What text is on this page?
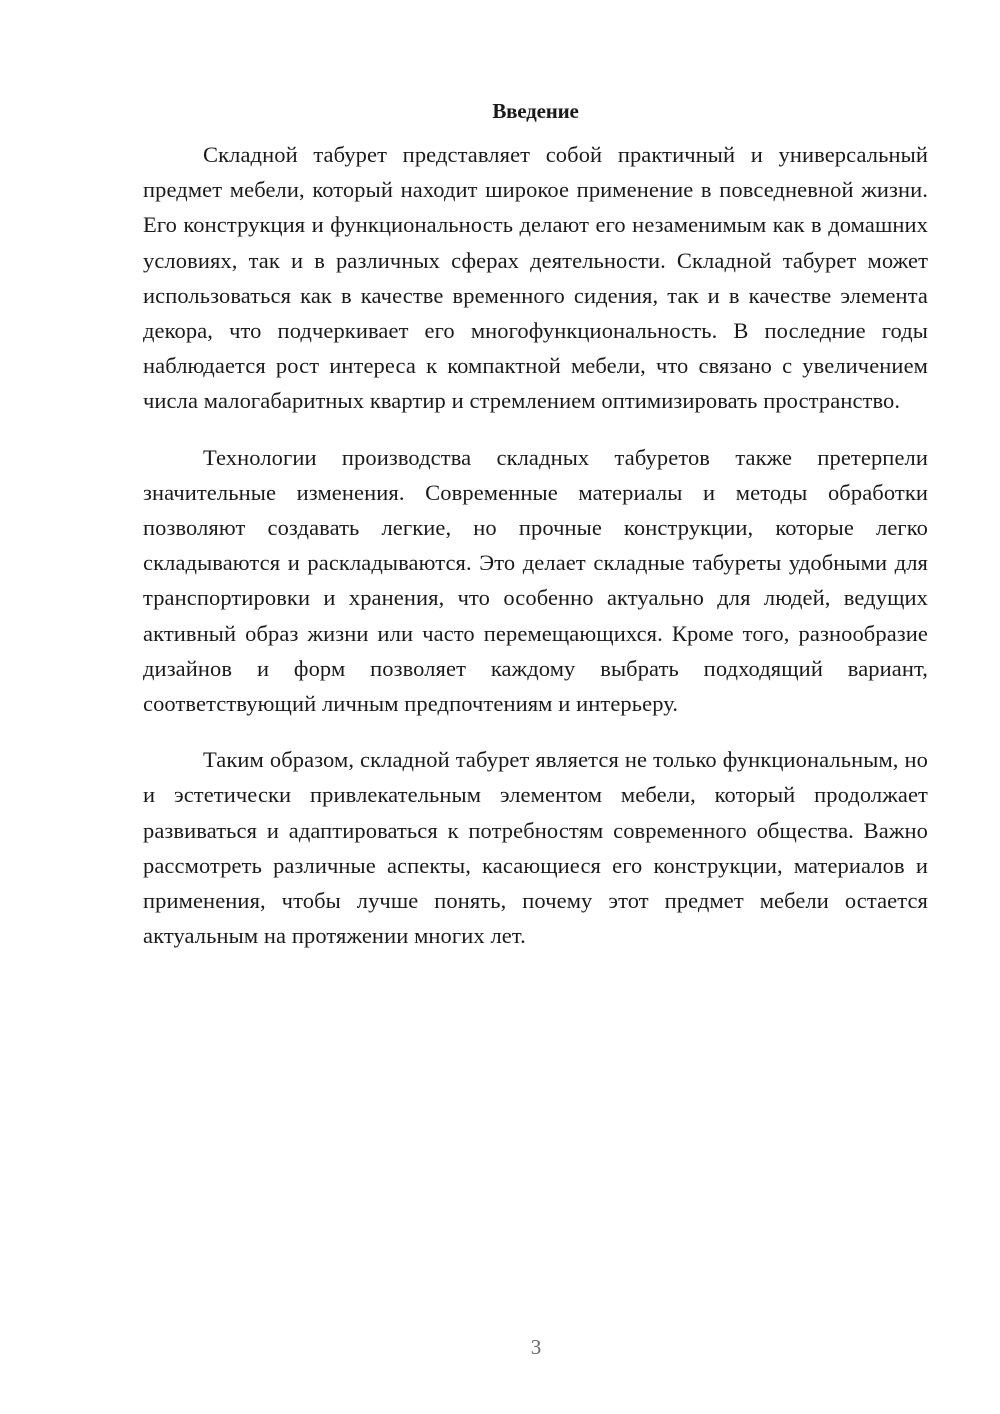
Введение

Складной табурет представляет собой практичный и универсальный предмет мебели, который находит широкое применение в повседневной жизни. Его конструкция и функциональность делают его незаменимым как в домашних условиях, так и в различных сферах деятельности. Складной табурет может использоваться как в качестве временного сидения, так и в качестве элемента декора, что подчеркивает его многофункциональность. В последние годы наблюдается рост интереса к компактной мебели, что связано с увеличением числа малогабаритных квартир и стремлением оптимизировать пространство.

Технологии производства складных табуретов также претерпели значительные изменения. Современные материалы и методы обработки позволяют создавать легкие, но прочные конструкции, которые легко складываются и раскладываются. Это делает складные табуреты удобными для транспортировки и хранения, что особенно актуально для людей, ведущих активный образ жизни или часто перемещающихся. Кроме того, разнообразие дизайнов и форм позволяет каждому выбрать подходящий вариант, соответствующий личным предпочтениям и интерьеру.

Таким образом, складной табурет является не только функциональным, но и эстетически привлекательным элементом мебели, который продолжает развиваться и адаптироваться к потребностям современного общества. Важно рассмотреть различные аспекты, касающиеся его конструкции, материалов и применения, чтобы лучше понять, почему этот предмет мебели остается актуальным на протяжении многих лет.

3
